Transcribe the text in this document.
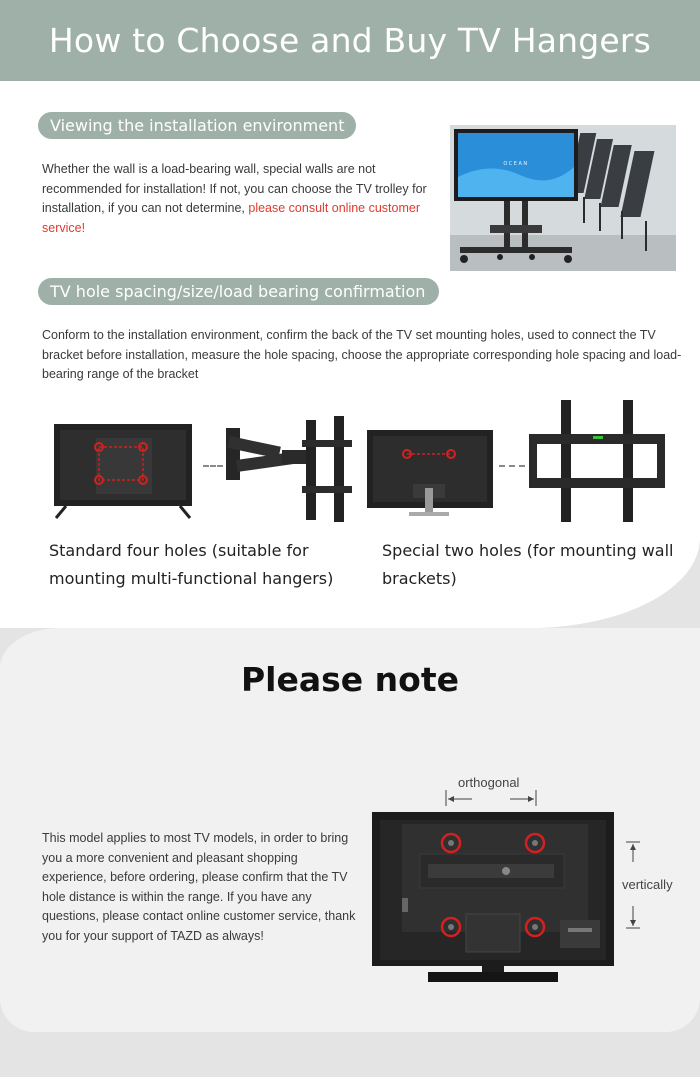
How to Choose and Buy TV Hangers
Viewing the installation environment

Whether the wall is a load-bearing wall, special walls are not recommended for installation! If not, you can choose the TV trolley for installation, if you can not determine, please consult online customer service!

OCEAN
TV hole spacing/size/load bearing confirmation

Conform to the installation environment, confirm the back of the TV set mounting holes, used to connect the TV bracket before installation, measure the hole spacing, choose the appropriate corresponding hole spacing and load-bearing range of the bracket

Standard four holes (suitable for mounting multi-functional hangers)

Special two holes (for mounting wall brackets)

Please note

This model applies to most TV models, in order to bring you a more convenient and pleasant shopping experience, before ordering, please confirm that the TV hole distance is within the range. If you have any questions, please contact online customer service, thank you for your support of TAZD as always!

orthogonal
vertically
